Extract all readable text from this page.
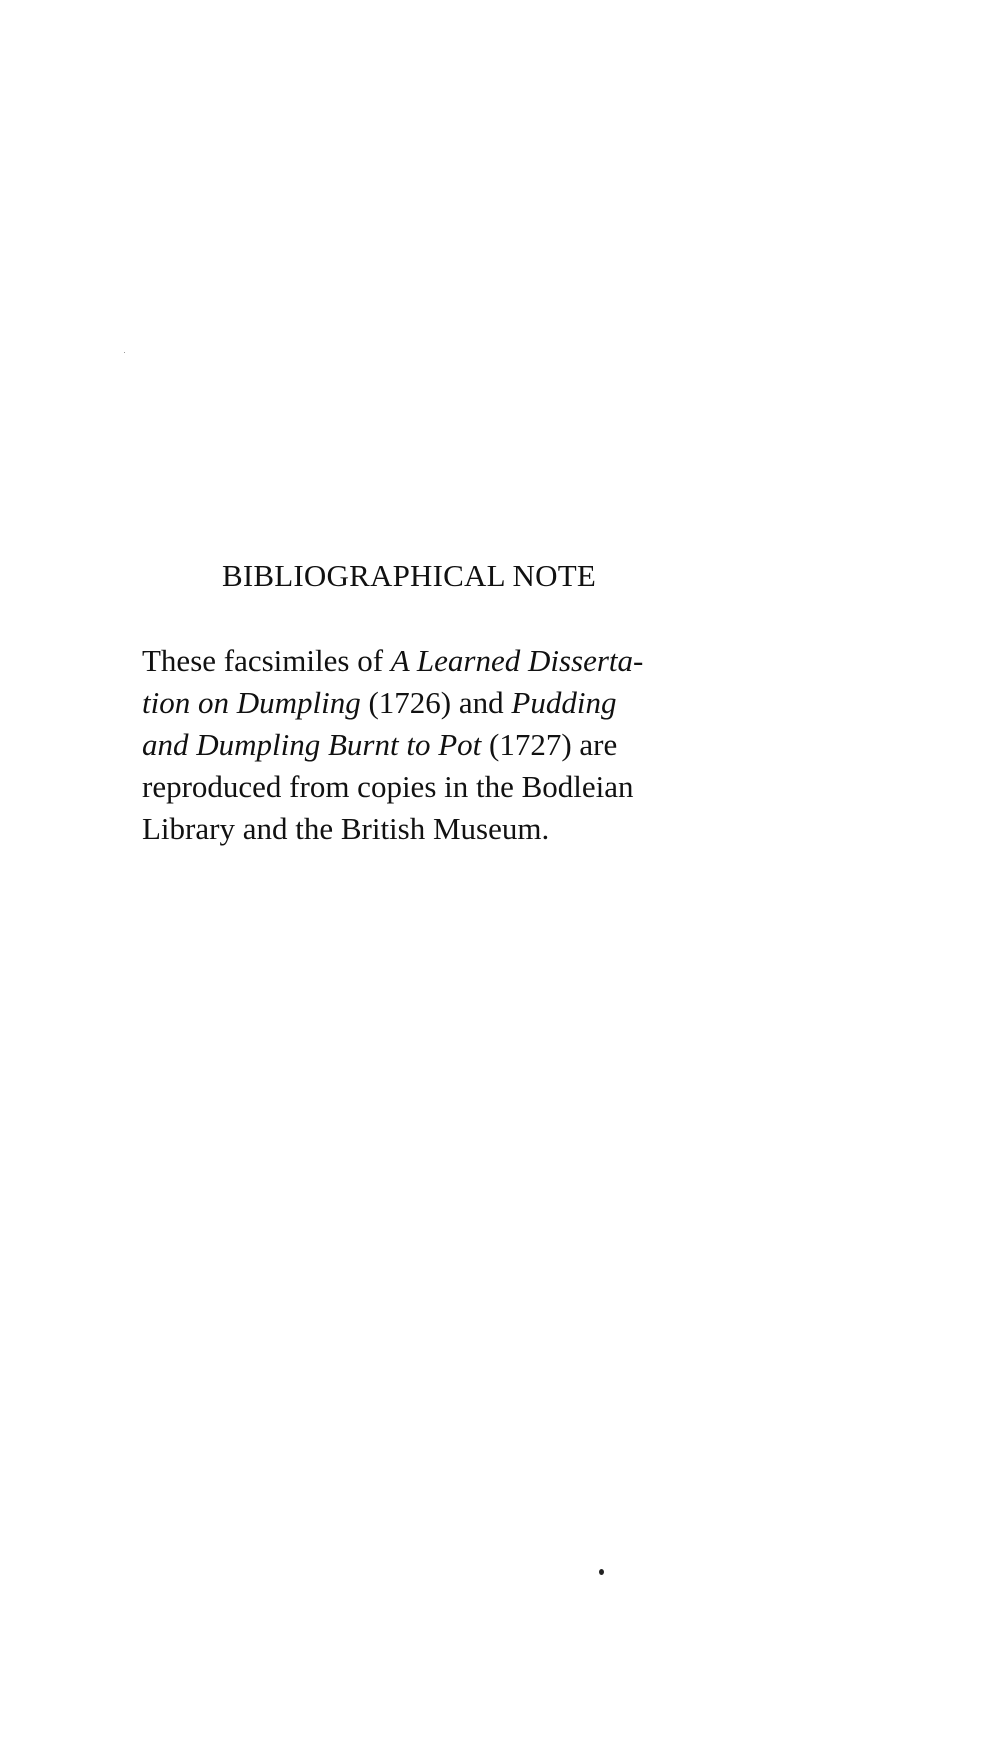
BIBLIOGRAPHICAL NOTE
These facsimiles of A Learned Disserta-
tion on Dumpling (1726) and Pudding
and Dumpling Burnt to Pot (1727) are
reproduced from copies in the Bodleian
Library and the British Museum.
